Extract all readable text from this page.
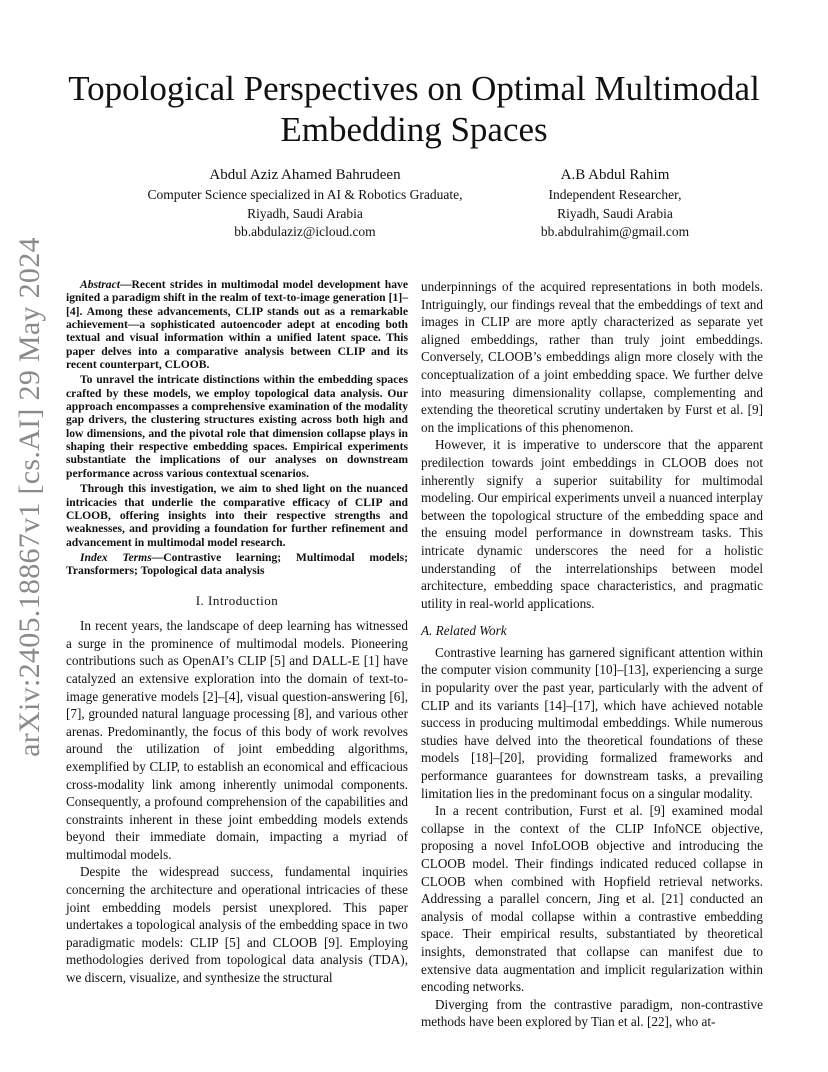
arXiv:2405.18867v1 [cs.AI] 29 May 2024
Topological Perspectives on Optimal Multimodal Embedding Spaces
Abdul Aziz Ahamed Bahrudeen
Computer Science specialized in AI & Robotics Graduate,
Riyadh, Saudi Arabia
bb.abdulaziz@icloud.com
A.B Abdul Rahim
Independent Researcher,
Riyadh, Saudi Arabia
bb.abdulrahim@gmail.com

Abstract—Recent strides in multimodal model development have ignited a paradigm shift in the realm of text-to-image generation [1]–[4]. Among these advancements, CLIP stands out as a remarkable achievement—a sophisticated autoencoder adept at encoding both textual and visual information within a unified latent space. This paper delves into a comparative analysis between CLIP and its recent counterpart, CLOOB.

To unravel the intricate distinctions within the embedding spaces crafted by these models, we employ topological data analysis. Our approach encompasses a comprehensive examination of the modality gap drivers, the clustering structures existing across both high and low dimensions, and the pivotal role that dimension collapse plays in shaping their respective embedding spaces. Empirical experiments substantiate the implications of our analyses on downstream performance across various contextual scenarios.

Through this investigation, we aim to shed light on the nuanced intricacies that underlie the comparative efficacy of CLIP and CLOOB, offering insights into their respective strengths and weaknesses, and providing a foundation for further refinement and advancement in multimodal model research.

Index Terms—Contrastive learning; Multimodal models; Transformers; Topological data analysis

I. Introduction

In recent years, the landscape of deep learning has witnessed a surge in the prominence of multimodal models. Pioneering contributions such as OpenAI’s CLIP [5] and DALL-E [1] have catalyzed an extensive exploration into the domain of text-to-image generative models [2]–[4], visual question-answering [6], [7], grounded natural language processing [8], and various other arenas. Predominantly, the focus of this body of work revolves around the utilization of joint embedding algorithms, exemplified by CLIP, to establish an economical and efficacious cross-modality link among inherently unimodal components. Consequently, a profound comprehension of the capabilities and constraints inherent in these joint embedding models extends beyond their immediate domain, impacting a myriad of multimodal models.

Despite the widespread success, fundamental inquiries concerning the architecture and operational intricacies of these joint embedding models persist unexplored. This paper undertakes a topological analysis of the embedding space in two paradigmatic models: CLIP [5] and CLOOB [9]. Employing methodologies derived from topological data analysis (TDA), we discern, visualize, and synthesize the structural

underpinnings of the acquired representations in both models. Intriguingly, our findings reveal that the embeddings of text and images in CLIP are more aptly characterized as separate yet aligned embeddings, rather than truly joint embeddings. Conversely, CLOOB’s embeddings align more closely with the conceptualization of a joint embedding space. We further delve into measuring dimensionality collapse, complementing and extending the theoretical scrutiny undertaken by Furst et al. [9] on the implications of this phenomenon.

However, it is imperative to underscore that the apparent predilection towards joint embeddings in CLOOB does not inherently signify a superior suitability for multimodal modeling. Our empirical experiments unveil a nuanced interplay between the topological structure of the embedding space and the ensuing model performance in downstream tasks. This intricate dynamic underscores the need for a holistic understanding of the interrelationships between model architecture, embedding space characteristics, and pragmatic utility in real-world applications.

A. Related Work

Contrastive learning has garnered significant attention within the computer vision community [10]–[13], experiencing a surge in popularity over the past year, particularly with the advent of CLIP and its variants [14]–[17], which have achieved notable success in producing multimodal embeddings. While numerous studies have delved into the theoretical foundations of these models [18]–[20], providing formalized frameworks and performance guarantees for downstream tasks, a prevailing limitation lies in the predominant focus on a singular modality.

In a recent contribution, Furst et al. [9] examined modal collapse in the context of the CLIP InfoNCE objective, proposing a novel InfoLOOB objective and introducing the CLOOB model. Their findings indicated reduced collapse in CLOOB when combined with Hopfield retrieval networks. Addressing a parallel concern, Jing et al. [21] conducted an analysis of modal collapse within a contrastive embedding space. Their empirical results, substantiated by theoretical insights, demonstrated that collapse can manifest due to extensive data augmentation and implicit regularization within encoding networks.

Diverging from the contrastive paradigm, non-contrastive methods have been explored by Tian et al. [22], who at-
